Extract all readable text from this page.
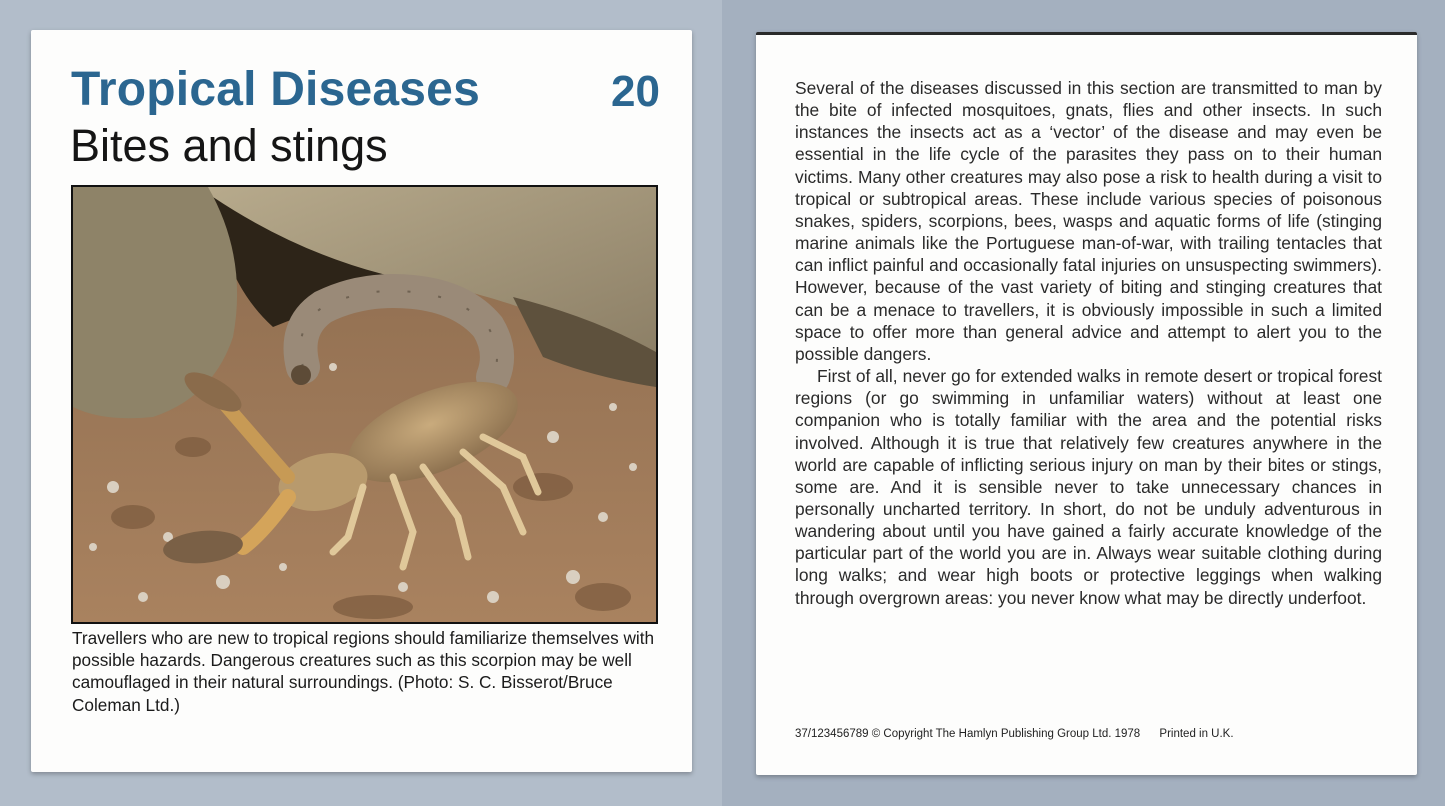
Tropical Diseases	20
Bites and stings

Travellers who are new to tropical regions should familiarize themselves with possible hazards. Dangerous creatures such as this scorpion may be well camouflaged in their natural surroundings. (Photo: S. C. Bisserot/Bruce Coleman Ltd.)

Several of the diseases discussed in this section are transmitted to man by the bite of infected mosquitoes, gnats, flies and other insects. In such instances the insects act as a ‘vector’ of the disease and may even be essential in the life cycle of the parasites they pass on to their human victims. Many other creatures may also pose a risk to health during a visit to tropical or subtropical areas. These include various species of poisonous snakes, spiders, scorpions, bees, wasps and aquatic forms of life (stinging marine animals like the Portuguese man-of-war, with trailing tentacles that can inflict painful and occasionally fatal injuries on unsuspecting swimmers). However, because of the vast variety of biting and stinging creatures that can be a menace to travellers, it is obviously impossible in such a limited space to offer more than general advice and attempt to alert you to the possible dangers.

First of all, never go for extended walks in remote desert or tropical forest regions (or go swimming in unfamiliar waters) without at least one companion who is totally familiar with the area and the potential risks involved. Although it is true that relatively few creatures anywhere in the world are capable of inflicting serious injury on man by their bites or stings, some are. And it is sensible never to take unnecessary chances in personally uncharted territory. In short, do not be unduly adventurous in wandering about until you have gained a fairly accurate knowledge of the particular part of the world you are in. Always wear suitable clothing during long walks; and wear high boots or protective leggings when walking through overgrown areas: you never know what may be directly underfoot.

37/123456789 © Copyright The Hamlyn Publishing Group Ltd. 1978 Printed in U.K.
